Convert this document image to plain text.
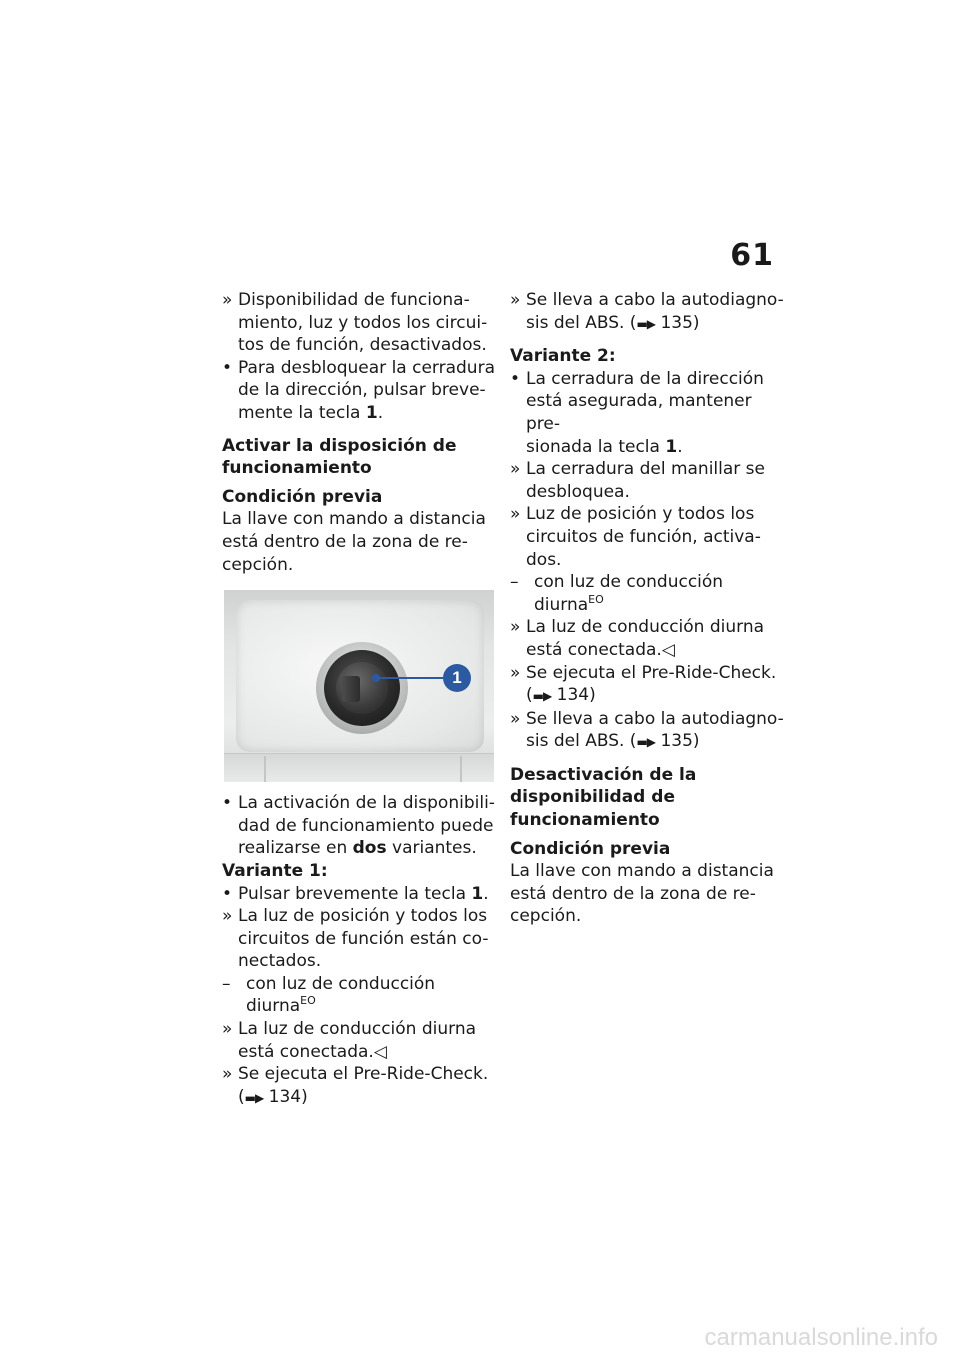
61
» Disponibilidad de funciona-
miento, luz y todos los circui-
tos de función, desactivados.
• Para desbloquear la cerradura
de la dirección, pulsar breve-
mente la tecla 1.
Activar la disposición de
funcionamiento
Condición previa

La llave con mando a distancia
está dentro de la zona de re-
cepción.

1
• La activación de la disponibili-
dad de funcionamiento puede
realizarse en dos variantes.
Variante 1:
• Pulsar brevemente la tecla 1.
» La luz de posición y todos los
circuitos de función están co-
nectados.
– con luz de conducción
diurna$^{EO}$
» La luz de conducción diurna
está conectada.◁
» Se ejecuta el Pre-Ride-Check.
(▬▶ 134)
» Se lleva a cabo la autodiagno-
sis del ABS. (▬▶ 135)
Variante 2:
• La cerradura de la dirección
está asegurada, mantener pre-
sionada la tecla 1.
» La cerradura del manillar se
desbloquea.
» Luz de posición y todos los
circuitos de función, activa-
dos.
– con luz de conducción
diurna$^{EO}$
» La luz de conducción diurna
está conectada.◁
» Se ejecuta el Pre-Ride-Check.
(▬▶ 134)
» Se lleva a cabo la autodiagno-
sis del ABS. (▬▶ 135)
Desactivación de la
disponibilidad de
funcionamiento
Condición previa

La llave con mando a distancia
está dentro de la zona de re-
cepción.

carmanualsonline.info
